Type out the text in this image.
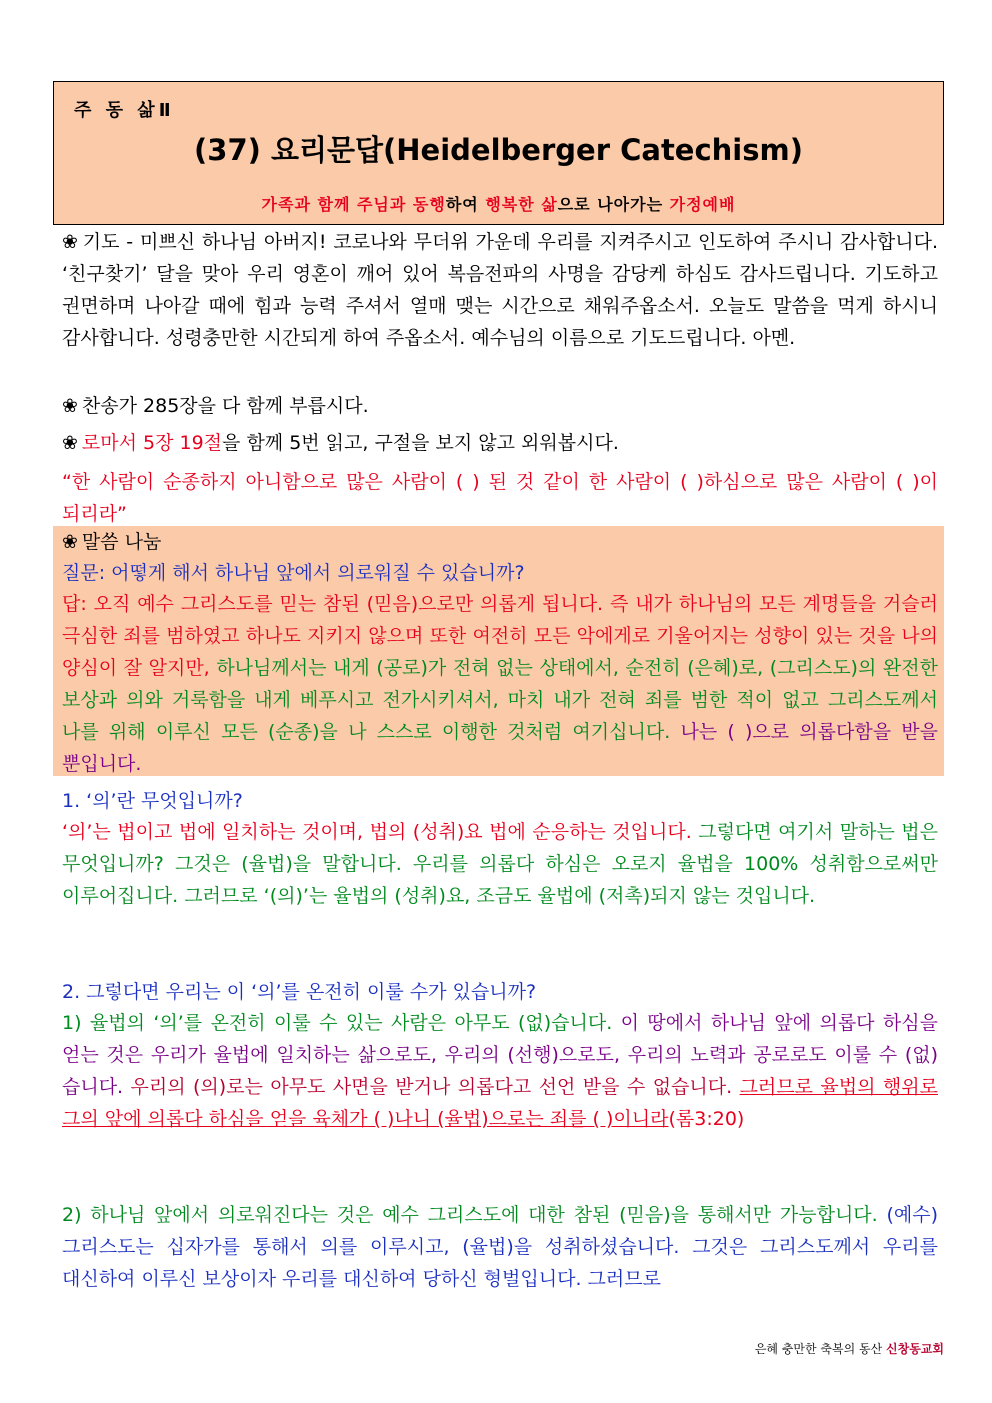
주 동 삶Ⅱ
(37) 요리문답(Heidelberger Catechism)
가족과 함께 주님과 동행하여 행복한 삶으로 나아가는 가정예배
❀ 기도 - 미쁘신 하나님 아버지! 코로나와 무더위 가운데 우리를 지켜주시고 인도하여 주시니 감사합니다. ‘친구찾기’ 달을 맞아 우리 영혼이 깨어 있어 복음전파의 사명을 감당케 하심도 감사드립니다. 기도하고 권면하며 나아갈 때에 힘과 능력 주셔서 열매 맺는 시간으로 채워주옵소서. 오늘도 말씀을 먹게 하시니 감사합니다. 성령충만한 시간되게 하여 주옵소서. 예수님의 이름으로 기도드립니다. 아멘.
❀ 찬송가 285장을 다 함께 부릅시다.
❀ 로마서 5장 19절을 함께 5번 읽고, 구절을 보지 않고 외워봅시다.
“한 사람이 순종하지 아니함으로 많은 사람이 ( ) 된 것 같이 한 사람이 ( )하심으로 많은 사람이 ( )이 되리라”
❀ 말씀 나눔
질문: 어떻게 해서 하나님 앞에서 의로워질 수 있습니까?
답: 오직 예수 그리스도를 믿는 참된 (믿음)으로만 의롭게 됩니다. 즉 내가 하나님의 모든 계명들을 거슬러 극심한 죄를 범하였고 하나도 지키지 않으며 또한 여전히 모든 악에게로 기울어지는 성향이 있는 것을 나의 양심이 잘 알지만, 하나님께서는 내게 (공로)가 전혀 없는 상태에서, 순전히 (은혜)로, (그리스도)의 완전한 보상과 의와 거룩함을 내게 베푸시고 전가시키셔서, 마치 내가 전혀 죄를 범한 적이 없고 그리스도께서 나를 위해 이루신 모든 (순종)을 나 스스로 이행한 것처럼 여기십니다. 나는 ( )으로 의롭다함을 받을 뿐입니다.
1. ‘의’란 무엇입니까?
‘의’는 법이고 법에 일치하는 것이며, 법의 (성취)요 법에 순응하는 것입니다. 그렇다면 여기서 말하는 법은 무엇입니까? 그것은 (율법)을 말합니다. 우리를 의롭다 하심은 오로지 율법을 100% 성취함으로써만 이루어집니다. 그러므로 ‘(의)’는 율법의 (성취)요, 조금도 율법에 (저촉)되지 않는 것입니다.
2. 그렇다면 우리는 이 ‘의’를 온전히 이룰 수가 있습니까?
1) 율법의 ‘의’를 온전히 이룰 수 있는 사람은 아무도 (없)습니다. 이 땅에서 하나님 앞에 의롭다 하심을 얻는 것은 우리가 율법에 일치하는 삶으로도, 우리의 (선행)으로도, 우리의 노력과 공로로도 이룰 수 (없)습니다. 우리의 (의)로는 아무도 사면을 받거나 의롭다고 선언 받을 수 없습니다. 그러므로 율법의 행위로 그의 앞에 의롭다 하심을 얻을 육체가 ( )나니 (율법)으로는 죄를 ( )이니라(롬3:20)
2) 하나님 앞에서 의로워진다는 것은 예수 그리스도에 대한 참된 (믿음)을 통해서만 가능합니다. (예수) 그리스도는 십자가를 통해서 의를 이루시고, (율법)을 성취하셨습니다. 그것은 그리스도께서 우리를 대신하여 이루신 보상이자 우리를 대신하여 당하신 형벌입니다. 그러므로
은혜 충만한 축복의 동산 신창동교회
